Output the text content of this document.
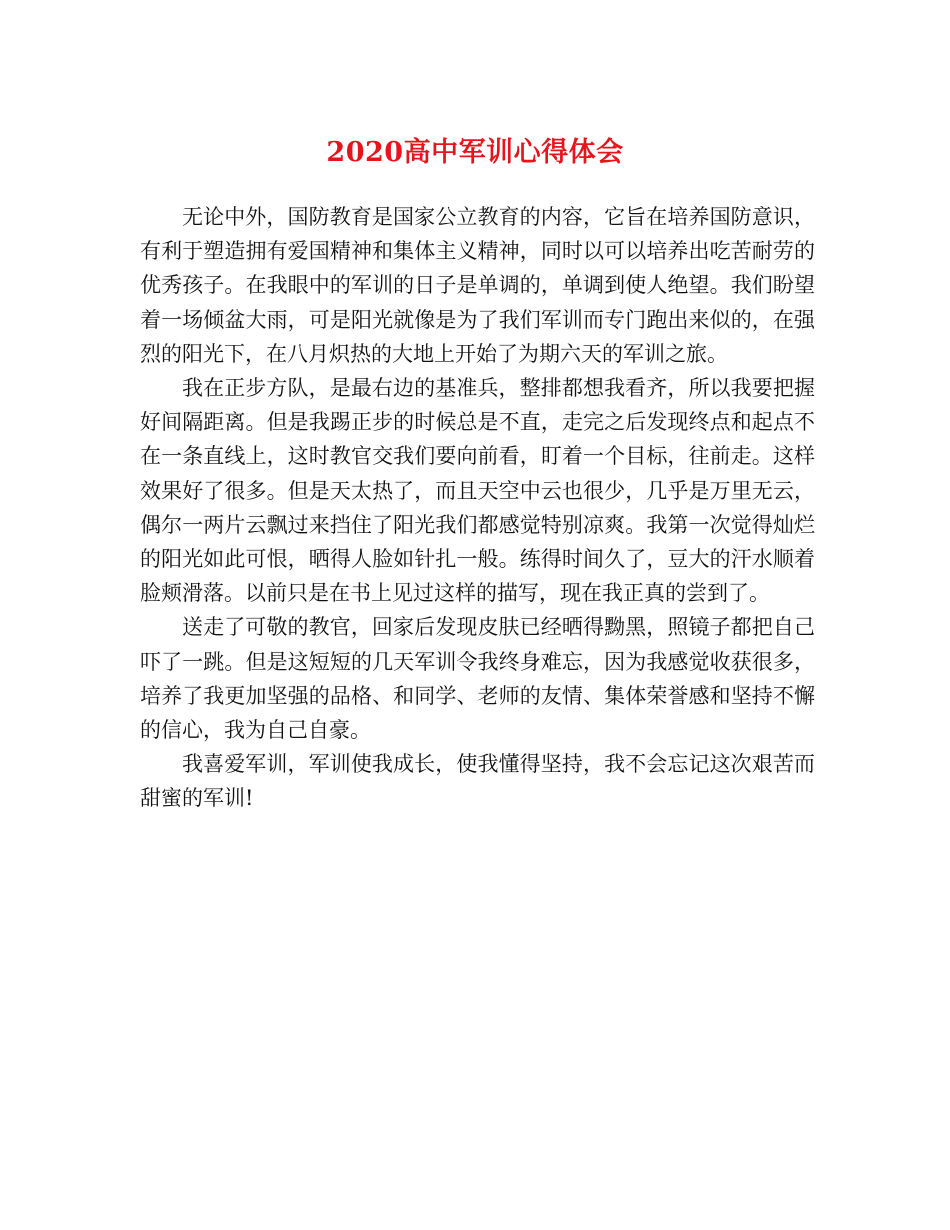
2020高中军训心得体会

无论中外，国防教育是国家公立教育的内容，它旨在培养国防意识，有利于塑造拥有爱国精神和集体主义精神，同时以可以培养出吃苦耐劳的优秀孩子。在我眼中的军训的日子是单调的，单调到使人绝望。我们盼望着一场倾盆大雨，可是阳光就像是为了我们军训而专门跑出来似的，在强烈的阳光下，在八月炽热的大地上开始了为期六天的军训之旅。

我在正步方队，是最右边的基准兵，整排都想我看齐，所以我要把握好间隔距离。但是我踢正步的时候总是不直，走完之后发现终点和起点不在一条直线上，这时教官交我们要向前看，盯着一个目标，往前走。这样效果好了很多。但是天太热了，而且天空中云也很少，几乎是万里无云，偶尔一两片云飘过来挡住了阳光我们都感觉特别凉爽。我第一次觉得灿烂的阳光如此可恨，晒得人脸如针扎一般。练得时间久了，豆大的汗水顺着脸颊滑落。以前只是在书上见过这样的描写，现在我正真的尝到了。

送走了可敬的教官，回家后发现皮肤已经晒得黝黑，照镜子都把自己吓了一跳。但是这短短的几天军训令我终身难忘，因为我感觉收获很多，培养了我更加坚强的品格、和同学、老师的友情、集体荣誉感和坚持不懈的信心，我为自己自豪。

我喜爱军训，军训使我成长，使我懂得坚持，我不会忘记这次艰苦而甜蜜的军训!
